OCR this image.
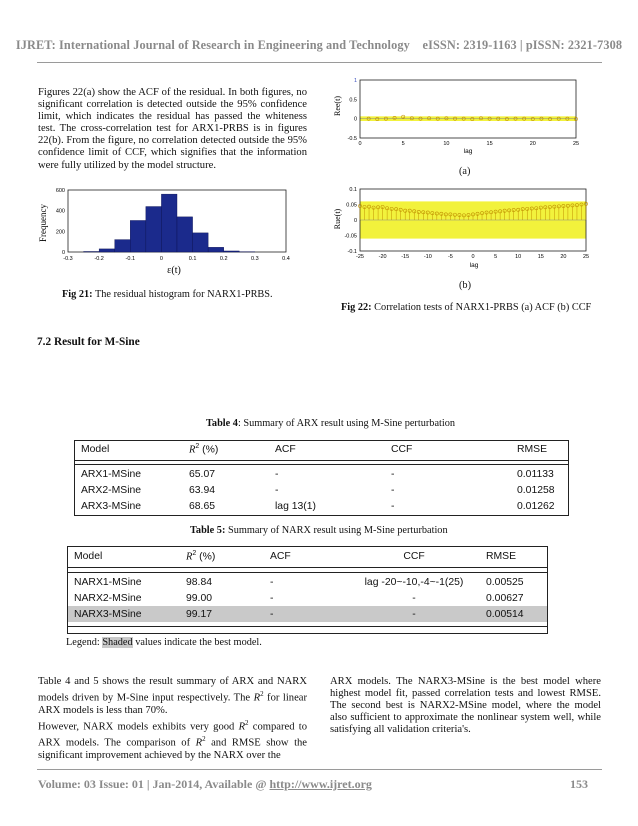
IJRET: International Journal of Research in Engineering and Technology eISSN: 2319-1163 | pISSN: 2321-7308
Figures 22(a) show the ACF of the residual. In both figures, no significant correlation is detected outside the 95% confidence limit, which indicates the residual has passed the whiteness test. The cross-correlation test for ARX1-PRBS is in figures 22(b). From the figure, no correlation detected outside the 95% confidence limit of CCF, which signifies that the information were fully utilized by the model structure.
Frequency
-0.3	-0.2	-0.1	0	0.1	0.2	0.3	0.4
0
200
400
600
ε(t)
Fig 21: The residual histogram for NARX1-PRBS.
Ree(t)
0	5	10	15	20	25
-0.5
0
0.5
1
lag
(a)
Rue(t)
-25	-20	-15	-10	-5	0	5	10	15	20	25
-0.1
-0.05
0
0.05
0.1
lag
(b)
Fig 22: Correlation tests of NARX1-PRBS (a) ACF (b) CCF
7.2 Result for M-Sine
Table 4: Summary of ARX result using M-Sine perturbation
Model	$R^2$ (%)	ACF	CCF	RMSE
ARX1-MSine	65.07	-	-	0.01133
ARX2-MSine	63.94	-	-	0.01258
ARX3-MSine	68.65	lag 13(1)	-	0.01262
Table 5: Summary of NARX result using M-Sine perturbation
Model	$R^2$ (%)	ACF	CCF	RMSE
NARX1-MSine	98.84	-	lag -20~-10,-4~-1(25)	0.00525
NARX2-MSine	99.00	-	-	0.00627
NARX3-MSine	99.17	-	-	0.00514
Legend: Shaded values indicate the best model.
Table 4 and 5 shows the result summary of ARX and NARX models driven by M-Sine input respectively. The $R^2$ for linear ARX models is less than 70%.
However, NARX models exhibits very good $R^2$ compared to ARX models. The comparison of $R^2$ and RMSE show the significant improvement achieved by the NARX over the
ARX models. The NARX3-MSine is the best model where highest model fit, passed correlation tests and lowest RMSE. The second best is NARX2-MSine model, where the model also sufficient to approximate the nonlinear system well, while satisfying all validation criteria's.
Volume: 03 Issue: 01 | Jan-2014, Available @ http://www.ijret.org	153
